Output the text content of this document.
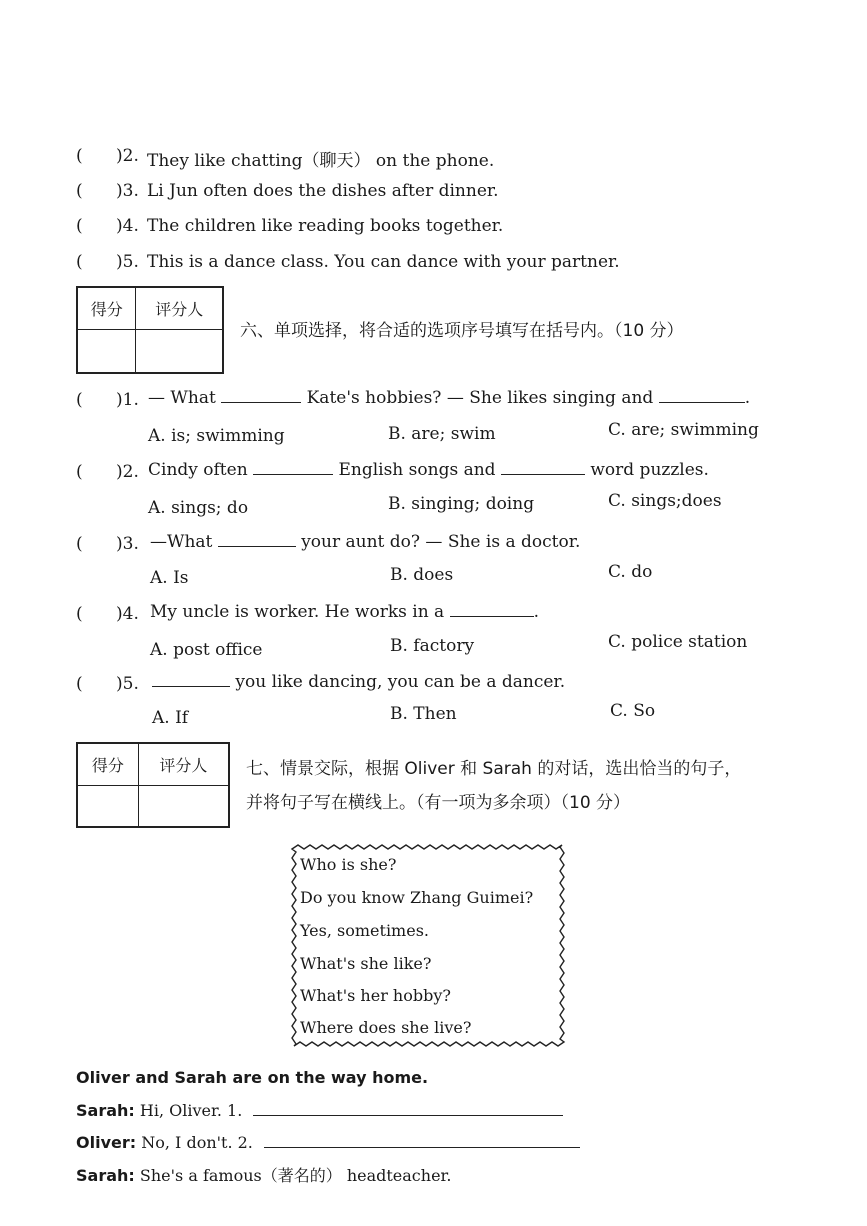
( )2. They like chatting（聊天） on the phone.
( )3. Li Jun often does the dishes after dinner.
( )4. The children like reading books together.
( )5. This is a dance class. You can dance with your partner.
得分	评分人

六、单项选择，将合适的选项序号填写在括号内。（10 分）
( )1. — What	Kate's hobbies? — She likes singing and	.
A. is; swimming	B. are; swim	C. are; swimming
( )2. Cindy often	English songs and	word puzzles.
A. sings; do	B. singing; doing	C. sings;does
( )3. —What	your aunt do? — She is a doctor.
A. Is	B. does	C. do
( )4. My uncle is worker. He works in a	.
A. post office	B. factory	C. police station
( )5.	you like dancing, you can be a dancer.
A. If	B. Then	C. So
得分	评分人
	七、情景交际，根据 Oliver 和 Sarah 的对话，选出恰当的句子，
并将句子写在横线上。（有一项为多余项）（10 分）
Who is she?
Do you know Zhang Guimei?
Yes, sometimes.
What's she like?
What's her hobby?
Where does she live?
Oliver and Sarah are on the way home.
Sarah: Hi, Oliver. 1.
Oliver: No, I don't. 2.
Sarah: She's a famous（著名的） headteacher.
